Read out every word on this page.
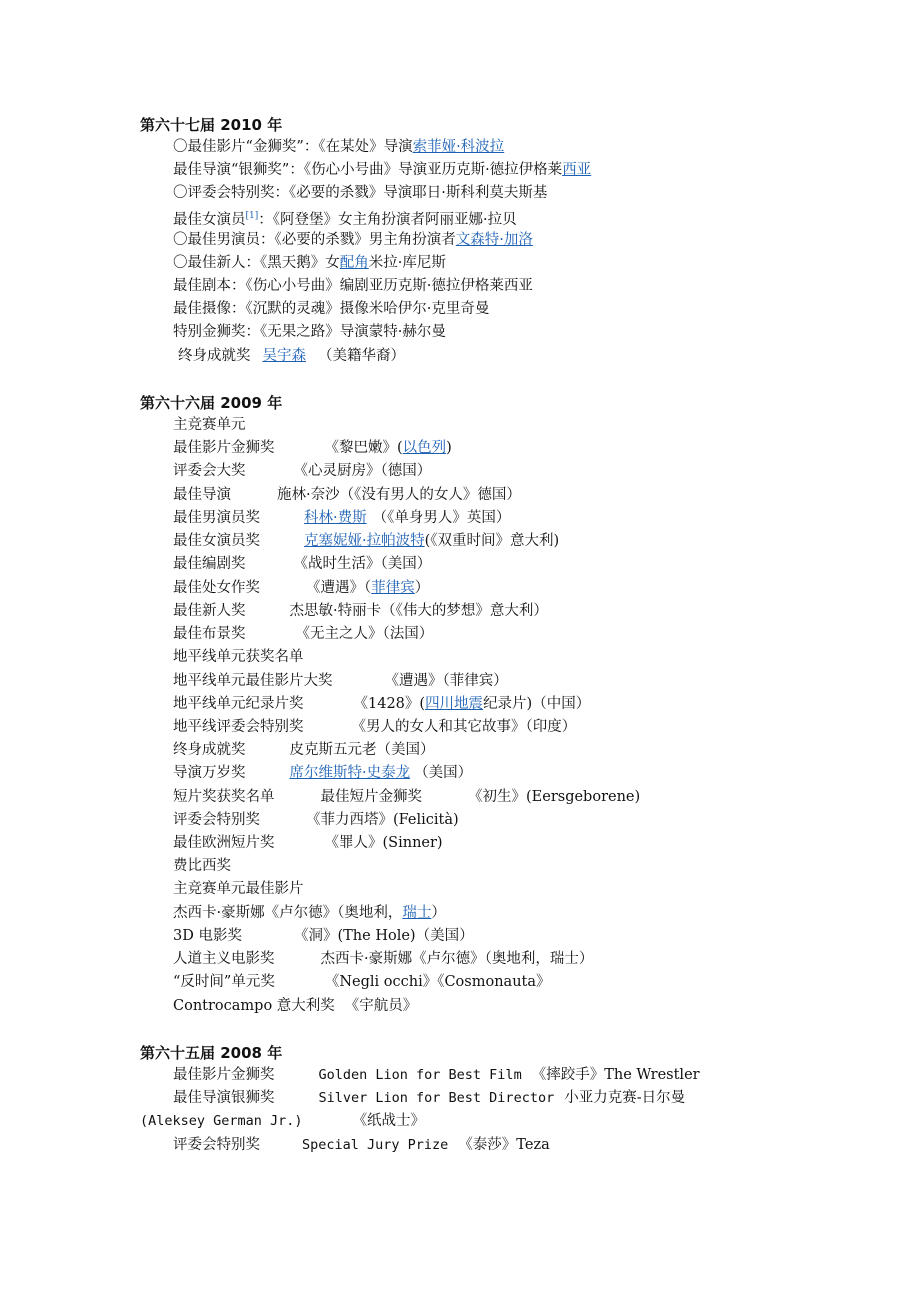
第六十七届 2010 年
〇最佳影片“金狮奖”：《在某处》导演索菲娅·科波拉
最佳导演“银狮奖”：《伤心小号曲》导演亚历克斯·德拉伊格莱西亚
〇评委会特别奖：《必要的杀戮》导演耶日·斯科利莫夫斯基
最佳女演员[1]：《阿登堡》女主角扮演者阿丽亚娜·拉贝
〇最佳男演员：《必要的杀戮》男主角扮演者文森特·加洛
〇最佳新人：《黑天鹅》女配角米拉·库尼斯
最佳剧本：《伤心小号曲》编剧亚历克斯·德拉伊格莱西亚
最佳摄像：《沉默的灵魂》摄像米哈伊尔·克里奇曼
特别金狮奖：《无果之路》导演蒙特·赫尔曼
终身成就奖 吴宇森 （美籍华裔）
第六十六届 2009 年
主竞赛单元
最佳影片金狮奖	《黎巴嫩》(以色列)
评委会大奖	《心灵厨房》（德国）
最佳导演	施林·奈沙（《没有男人的女人》德国）
最佳男演员奖	科林·费斯 （《单身男人》英国）
最佳女演员奖	克塞妮娅·拉帕波特(《双重时间》意大利)
最佳编剧奖	《战时生活》（美国）
最佳处女作奖	《遭遇》（菲律宾）
最佳新人奖	杰思敏·特丽卡（《伟大的梦想》意大利）
最佳布景奖	《无主之人》（法国）
地平线单元获奖名单
地平线单元最佳影片大奖	《遭遇》（菲律宾）
地平线单元纪录片奖	《1428》(四川地震纪录片)（中国）
地平线评委会特别奖	《男人的女人和其它故事》（印度）
终身成就奖	皮克斯五元老（美国）
导演万岁奖	席尔维斯特·史泰龙 （美国）
短片奖获奖名单	最佳短片金狮奖	《初生》(Eersgeborene)
评委会特别奖	《菲力西塔》(Felicità)
最佳欧洲短片奖	《罪人》(Sinner)
费比西奖
主竞赛单元最佳影片
杰西卡·豪斯娜《卢尔德》（奥地利，瑞士）
3D 电影奖	《洞》(The Hole)（美国）
人道主义电影奖	杰西卡·豪斯娜《卢尔德》（奥地利，瑞士）
“反时间”单元奖	《Negli occhi》《Cosmonauta》
Controcampo 意大利奖 《宇航员》
第六十五届 2008 年
最佳影片金狮奖	Golden Lion for Best Film 《摔跤手》The Wrestler
最佳导演银狮奖	Silver Lion for Best Director 小亚力克赛-日尔曼
(Aleksey German Jr.)	《纸战士》
评委会特别奖	Special Jury Prize 《泰莎》Teza
